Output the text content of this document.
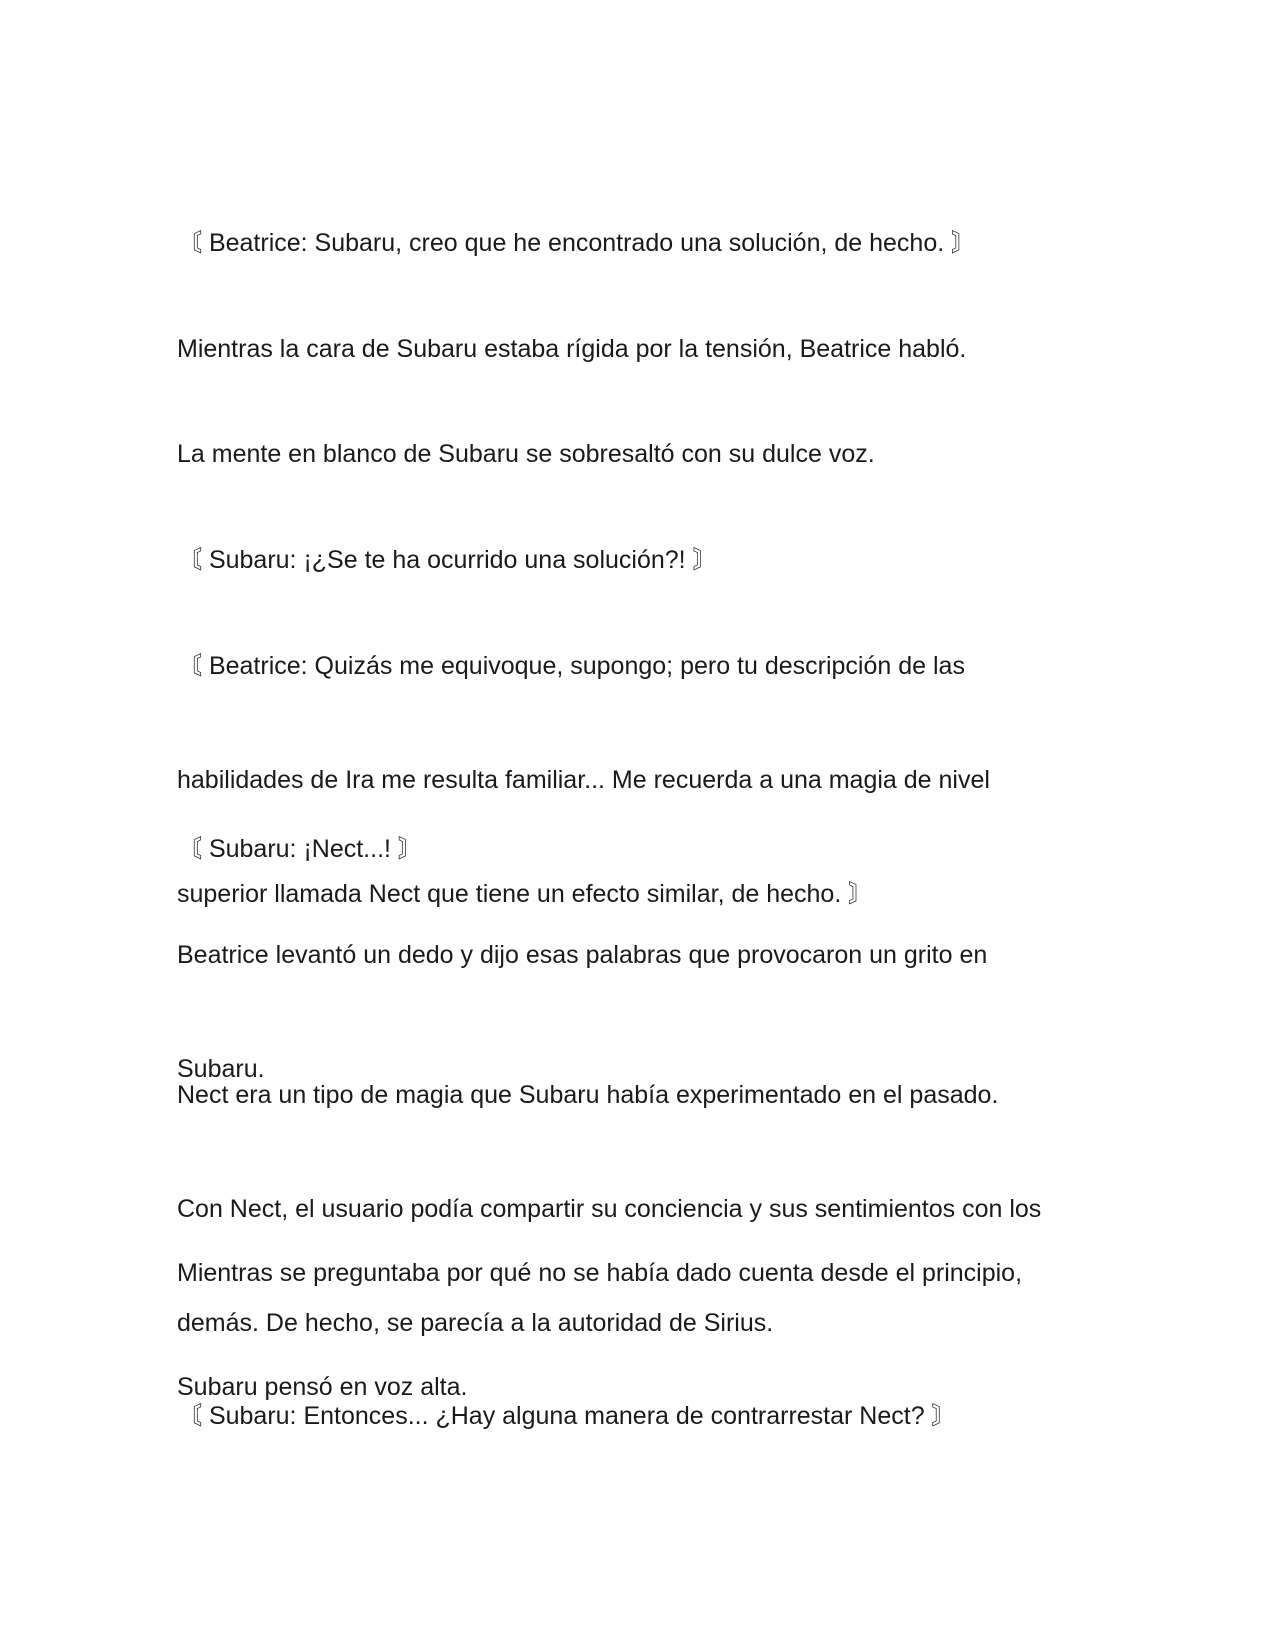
〘 Beatrice: Subaru, creo que he encontrado una solución, de hecho. 〙

Mientras la cara de Subaru estaba rígida por la tensión, Beatrice habló.

La mente en blanco de Subaru se sobresaltó con su dulce voz.

〘 Subaru: ¡¿Se te ha ocurrido una solución?! 〙

〘 Beatrice: Quizás me equivoque, supongo; pero tu descripción de las

habilidades de Ira me resulta familiar... Me recuerda a una magia de nivel

superior llamada Nect que tiene un efecto similar, de hecho. 〙

〘 Subaru: ¡Nect...! 〙

Beatrice levantó un dedo y dijo esas palabras que provocaron un grito en

Subaru.

Nect era un tipo de magia que Subaru había experimentado en el pasado.

Con Nect, el usuario podía compartir su conciencia y sus sentimientos con los

demás. De hecho, se parecía a la autoridad de Sirius.

Mientras se preguntaba por qué no se había dado cuenta desde el principio,

Subaru pensó en voz alta.

〘 Subaru: Entonces... ¿Hay alguna manera de contrarrestar Nect? 〙
